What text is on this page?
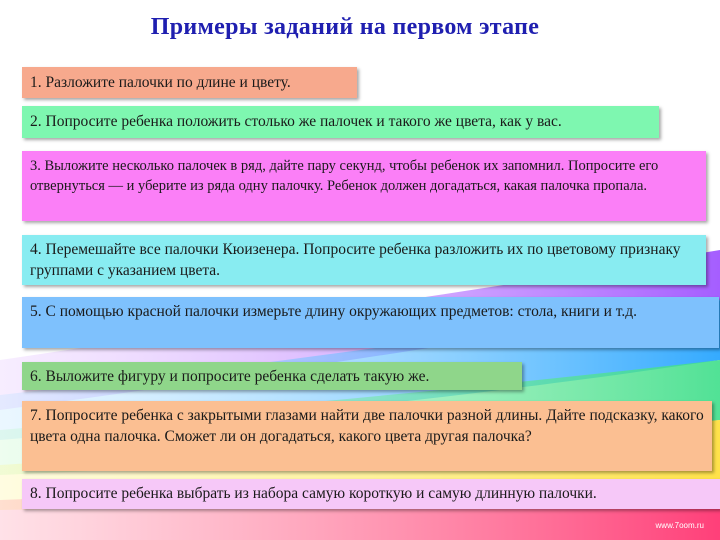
Примеры заданий на первом этапе
1. Разложите палочки по длине и цвету.
2. Попросите ребенка положить столько же палочек и такого же цвета, как у вас.
3. Выложите несколько палочек в ряд, дайте пару секунд, чтобы ребенок их запомнил. Попросите его отвернуться — и уберите из ряда одну палочку. Ребенок должен догадаться, какая палочка пропала.
4. Перемешайте все палочки Кюизенера. Попросите ребенка разложить их по цветовому признаку группами с указанием цвета.
5. С помощью красной палочки измерьте длину окружающих предметов: стола, книги и т.д.
6. Выложите фигуру и попросите ребенка сделать такую же.
7. Попросите ребенка с закрытыми глазами найти две палочки разной длины. Дайте подсказку, какого цвета одна палочка. Сможет ли он догадаться, какого цвета другая палочка?
8. Попросите ребенка выбрать из набора самую короткую и самую длинную палочки.
www.7oom.ru
